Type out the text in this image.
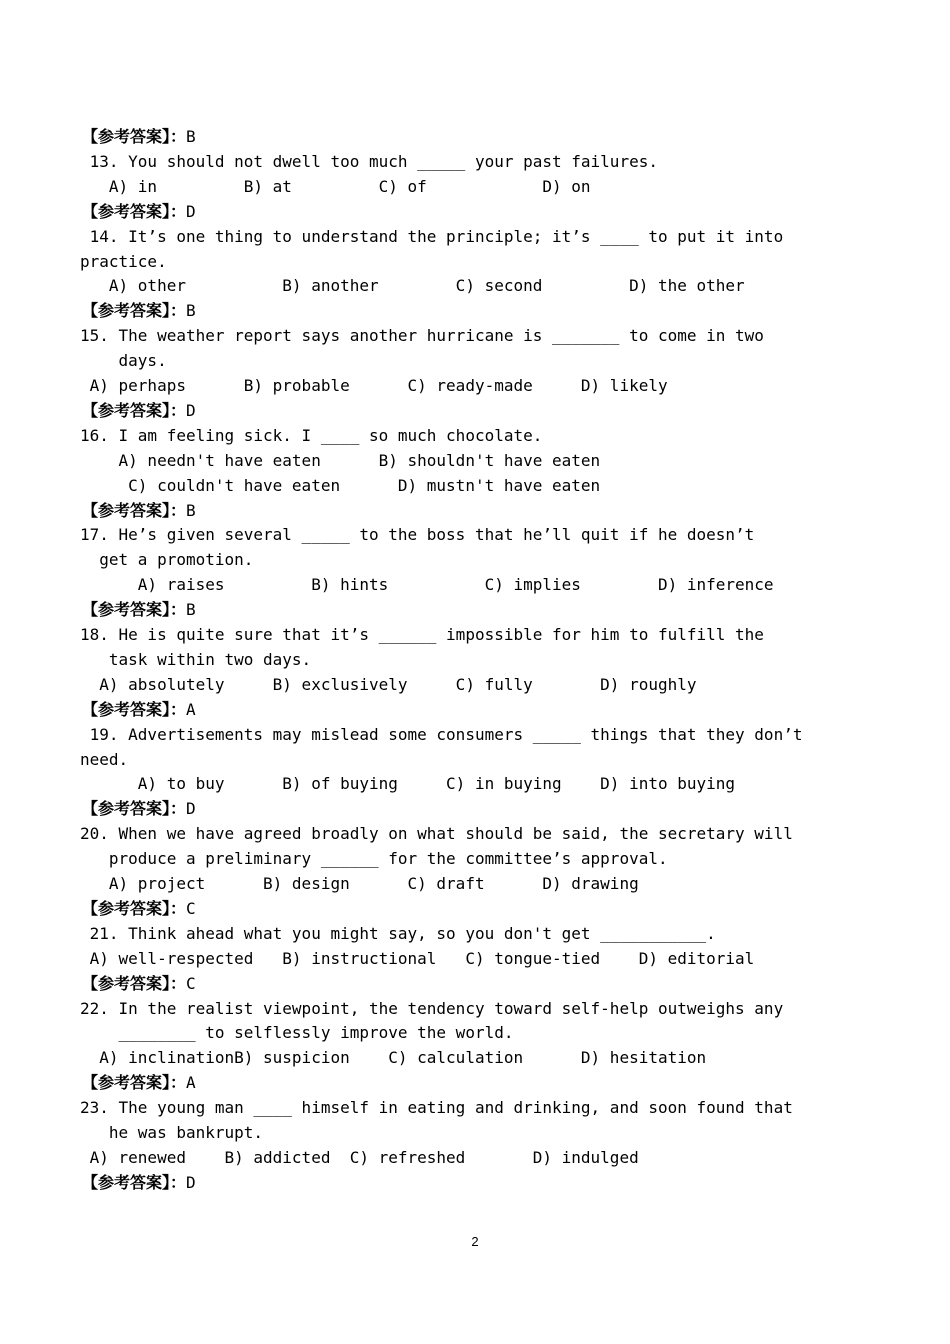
【参考答案】：B
13. You should not dwell too much _____ your past failures.
A) in         B) at         C) of            D) on
【参考答案】：D
14. It’s one thing to understand the principle; it’s ____ to put it into
practice.
A) other          B) another        C) second         D) the other
【参考答案】：B
15. The weather report says another hurricane is _______ to come in two
days.
A) perhaps      B) probable      C) ready-made     D) likely
【参考答案】：D
16. I am feeling sick. I ____ so much chocolate.
A) needn't have eaten      B) shouldn't have eaten
C) couldn't have eaten      D) mustn't have eaten
【参考答案】：B
17. He’s given several _____ to the boss that he’ll quit if he doesn’t
get a promotion.
A) raises         B) hints          C) implies        D) inference
【参考答案】：B
18. He is quite sure that it’s ______ impossible for him to fulfill the
task within two days.
A) absolutely     B) exclusively     C) fully       D) roughly
【参考答案】：A
19. Advertisements may mislead some consumers _____ things that they don’t
need.
A) to buy      B) of buying     C) in buying    D) into buying
【参考答案】：D
20. When we have agreed broadly on what should be said, the secretary will
produce a preliminary ______ for the committee’s approval.
A) project      B) design      C) draft      D) drawing
【参考答案】：C
21. Think ahead what you might say, so you don't get ___________.
A) well-respected   B) instructional   C) tongue-tied    D) editorial
【参考答案】：C
22. In the realist viewpoint, the tendency toward self-help outweighs any
________ to selflessly improve the world.
A) inclinationB) suspicion    C) calculation      D) hesitation
【参考答案】：A
23. The young man ____ himself in eating and drinking, and soon found that
he was bankrupt.
A) renewed    B) addicted  C) refreshed       D) indulged
【参考答案】：D
2
